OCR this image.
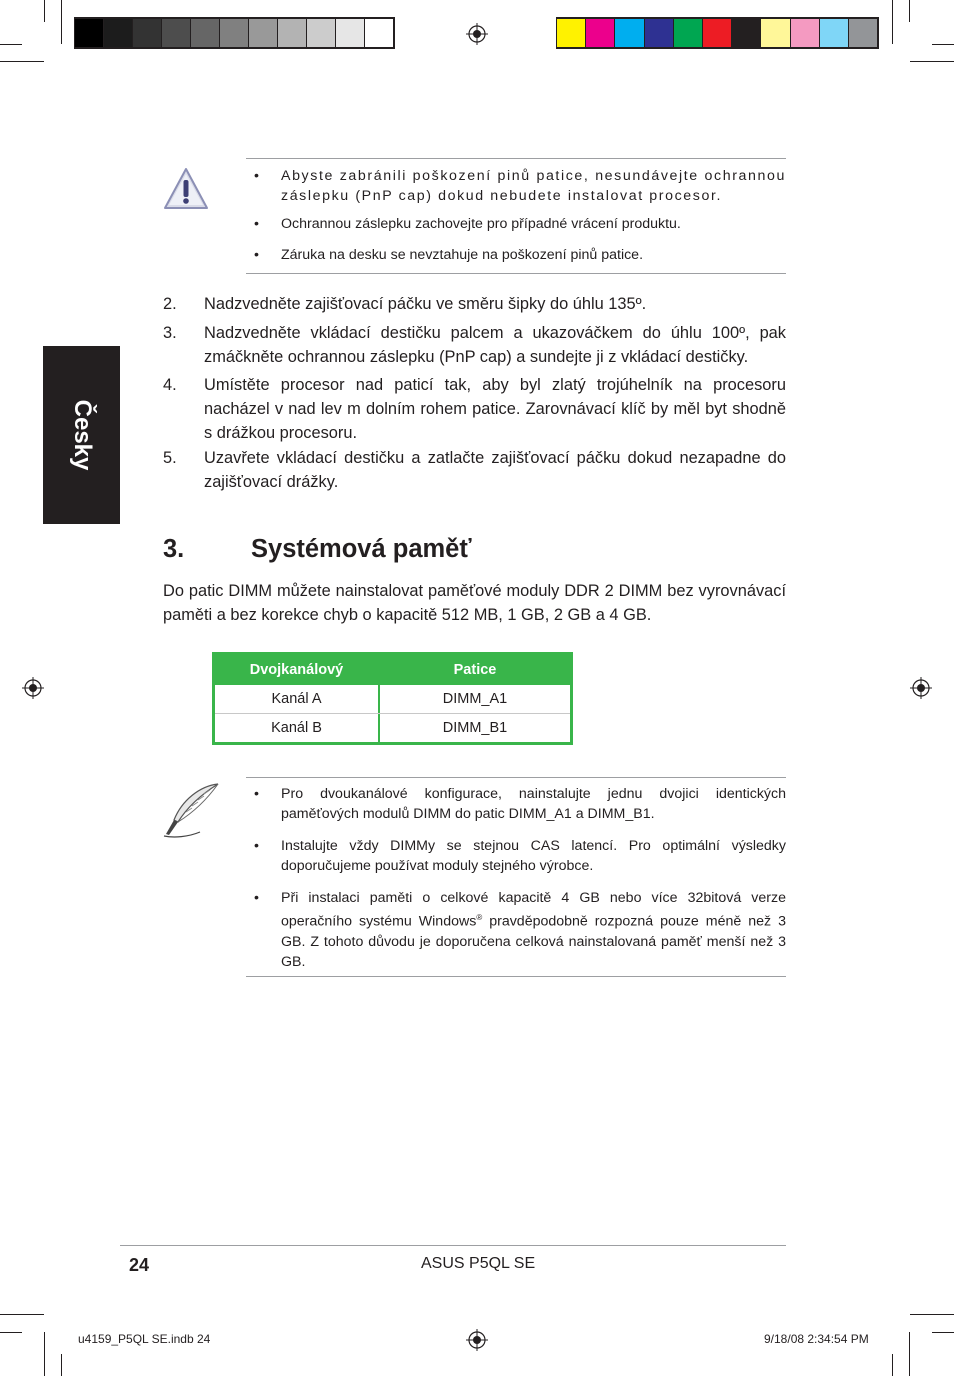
Česky
• Abyste zabránili poškození pinů patice, nesundávejte ochrannou záslepku (PnP cap) dokud nebudete instalovat procesor.
• Ochrannou záslepku zachovejte pro případné vrácení produktu.
• Záruka na desku se nevztahuje na poškození pinů patice.
2. Nadzvedněte zajišťovací páčku ve směru šipky do úhlu 135º.
3. Nadzvedněte vkládací destičku palcem a ukazováčkem do úhlu 100º, pak zmáčkněte ochrannou záslepku (PnP cap) a sundejte ji z vkládací destičky.
4. Umístěte procesor nad paticí tak, aby byl zlatý trojúhelník na procesoru nacházel v nad lev m dolním rohem patice. Zarovnávací klíč by měl byt shodně s drážkou procesoru.
5. Uzavřete vkládací destičku a zatlačte zajišťovací páčku dokud nezapadne do zajišťovací drážky.
3.	Systémová paměť
Do patic DIMM můžete nainstalovat paměťové moduly DDR 2 DIMM bez vyrovnávací paměti a bez korekce chyb o kapacitě 512 MB, 1 GB, 2 GB a 4 GB.
Dvojkanálový	Patice
Kanál A	DIMM_A1
Kanál B	DIMM_B1
• Pro dvoukanálové konfigurace, nainstalujte jednu dvojici identických paměťových modulů DIMM do patic DIMM_A1 a DIMM_B1.
• Instalujte vždy DIMMy se stejnou CAS latencí. Pro optimální výsledky doporučujeme používat moduly stejného výrobce.
• Při instalaci paměti o celkové kapacitě 4 GB nebo více 32bitová verze operačního systému Windows® pravděpodobně rozpozná pouze méně než 3 GB. Z tohoto důvodu je doporučena celková nainstalovaná paměť menší než 3 GB.
24	ASUS P5QL SE
u4159_P5QL SE.indb 24	9/18/08 2:34:54 PM
